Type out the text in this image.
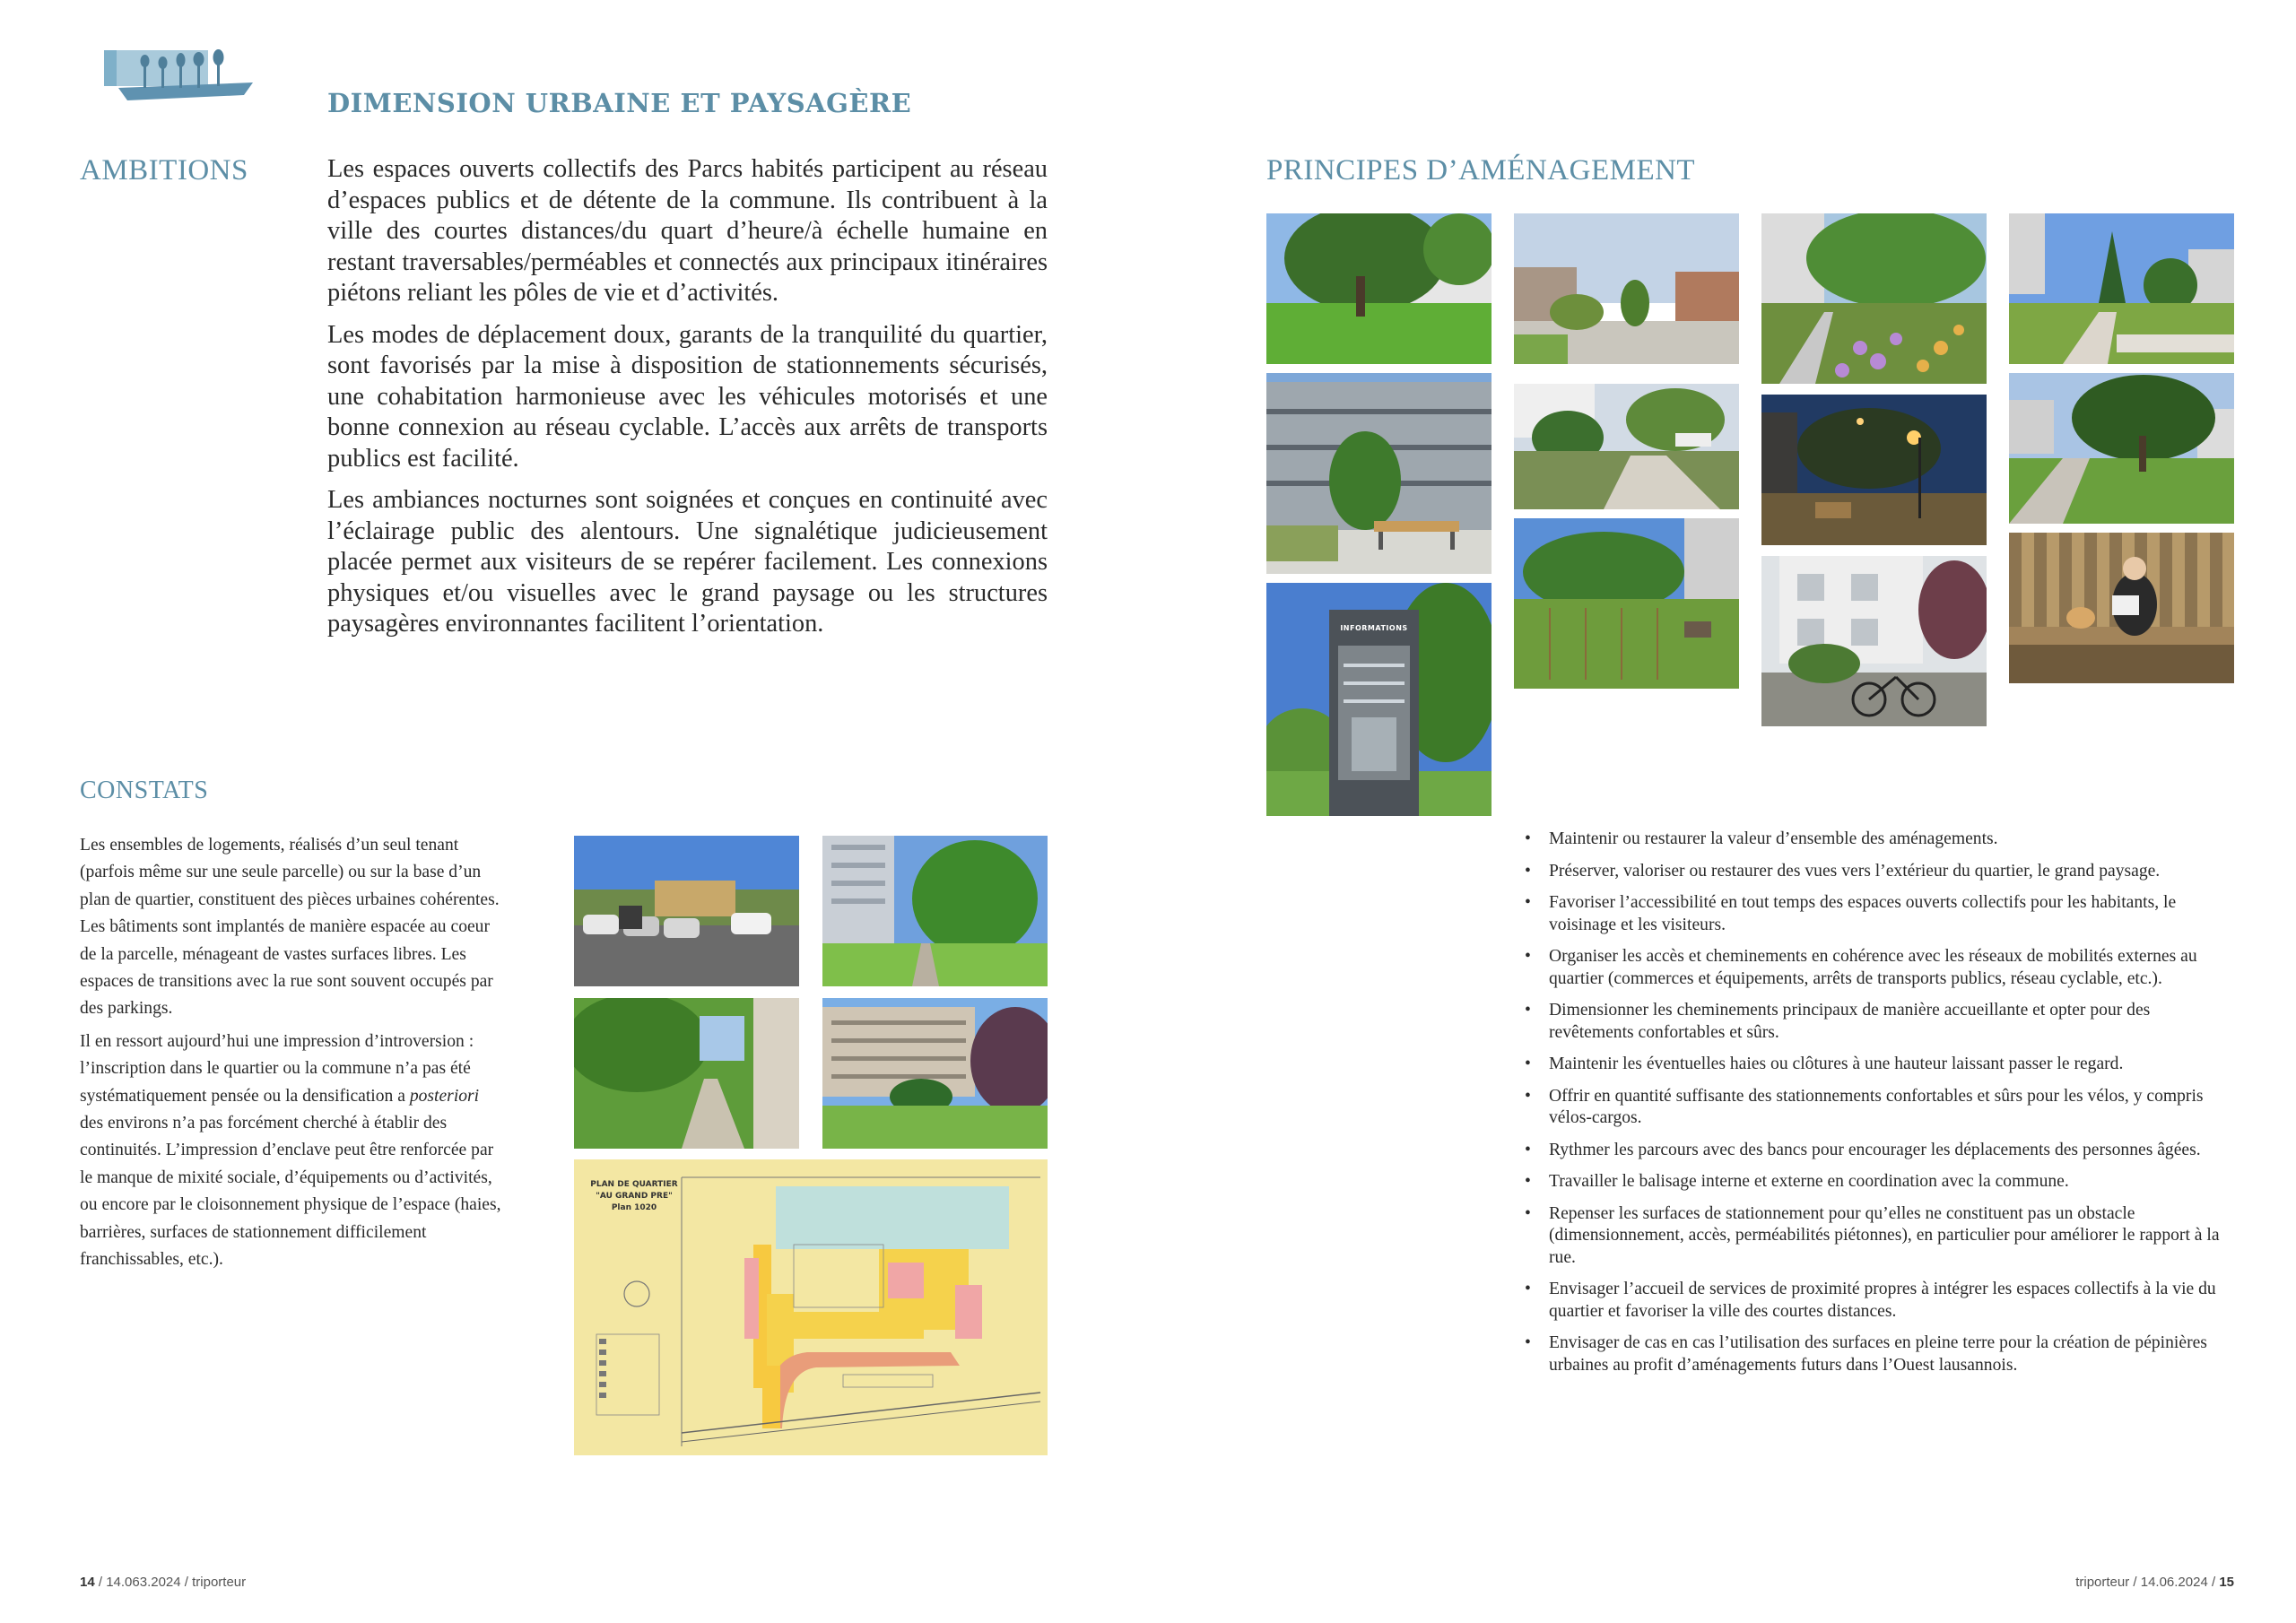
DIMENSION URBAINE ET PAYSAGÈRE
AMBITIONS	Les espaces ouverts collectifs des Parcs habités participent au réseau d’espaces publics et de détente de la commune. Ils contribuent à la ville des courtes distances/du quart d’heure/à échelle humaine en restant traversables/perméables et connectés aux principaux itinéraires piétons reliant les pôles de vie et d’activités.

Les modes de déplacement doux, garants de la tranquilité du quartier, sont favorisés par la mise à disposition de stationnements sécurisés, une cohabitation harmonieuse avec les véhicules motorisés et une bonne connexion au réseau cyclable. L’accès aux arrêts de transports publics est facilité.

Les ambiances nocturnes sont soignées et conçues en continuité avec l’éclairage public des alentours. Une signalétique judicieusement placée permet aux visiteurs de se repérer facilement. Les connexions physiques et/ou visuelles avec le grand paysage ou les structures paysagères environnantes facilitent l’orientation.

CONSTATS

Les ensembles de logements, réalisés d’un seul tenant (parfois même sur une seule parcelle) ou sur la base d’un plan de quartier, constituent des pièces urbaines cohérentes. Les bâtiments sont implantés de manière espacée au coeur de la parcelle, ménageant de vastes surfaces libres. Les espaces de transitions avec la rue sont souvent occupés par des parkings.

Il en ressort aujourd’hui une impression d’introversion : l’inscription dans le quartier ou la commune n’a pas été systématiquement pensée ou la densification a posteriori des environs n’a pas forcément cherché à établir des continuités. L’impression d’enclave peut être renforcée par le manque de mixité sociale, d’équipements ou d’activités, ou encore par le cloisonnement physique de l’espace (haies, barrières, surfaces de stationnement difficilement franchissables, etc.).

PLAN DE QUARTIER
"AU GRAND PRE"
Plan 1020
PRINCIPES D’AMÉNAGEMENT
INFORMATIONS
• Maintenir ou restaurer la valeur d’ensemble des aménagements.
• Préserver, valoriser ou restaurer des vues vers l’extérieur du quartier, le grand paysage.
• Favoriser l’accessibilité en tout temps des espaces ouverts collectifs pour les habitants, le voisinage et les visiteurs.
• Organiser les accès et cheminements en cohérence avec les réseaux de mobilités externes au quartier (commerces et équipements, arrêts de transports publics, réseau cyclable, etc.).
• Dimensionner les cheminements principaux de manière accueillante et opter pour des revêtements confortables et sûrs.
• Maintenir les éventuelles haies ou clôtures à une hauteur laissant passer le regard.
• Offrir en quantité suffisante des stationnements confortables et sûrs pour les vélos, y compris vélos-cargos.
• Rythmer les parcours avec des bancs pour encourager les déplacements des personnes âgées.
• Travailler le balisage interne et externe en coordination avec la commune.
• Repenser les surfaces de stationnement pour qu’elles ne constituent pas un obstacle (dimensionnement, accès, perméabilités piétonnes), en particulier pour améliorer le rapport à la rue.
• Envisager l’accueil de services de proximité propres à intégrer les espaces collectifs à la vie du quartier et favoriser la ville des courtes distances.
• Envisager de cas en cas l’utilisation des surfaces en pleine terre pour la création de pépinières urbaines au profit d’aménagements futurs dans l’Ouest lausannois.
14 / 14.063.2024 / triporteur	triporteur / 14.06.2024 / 15
